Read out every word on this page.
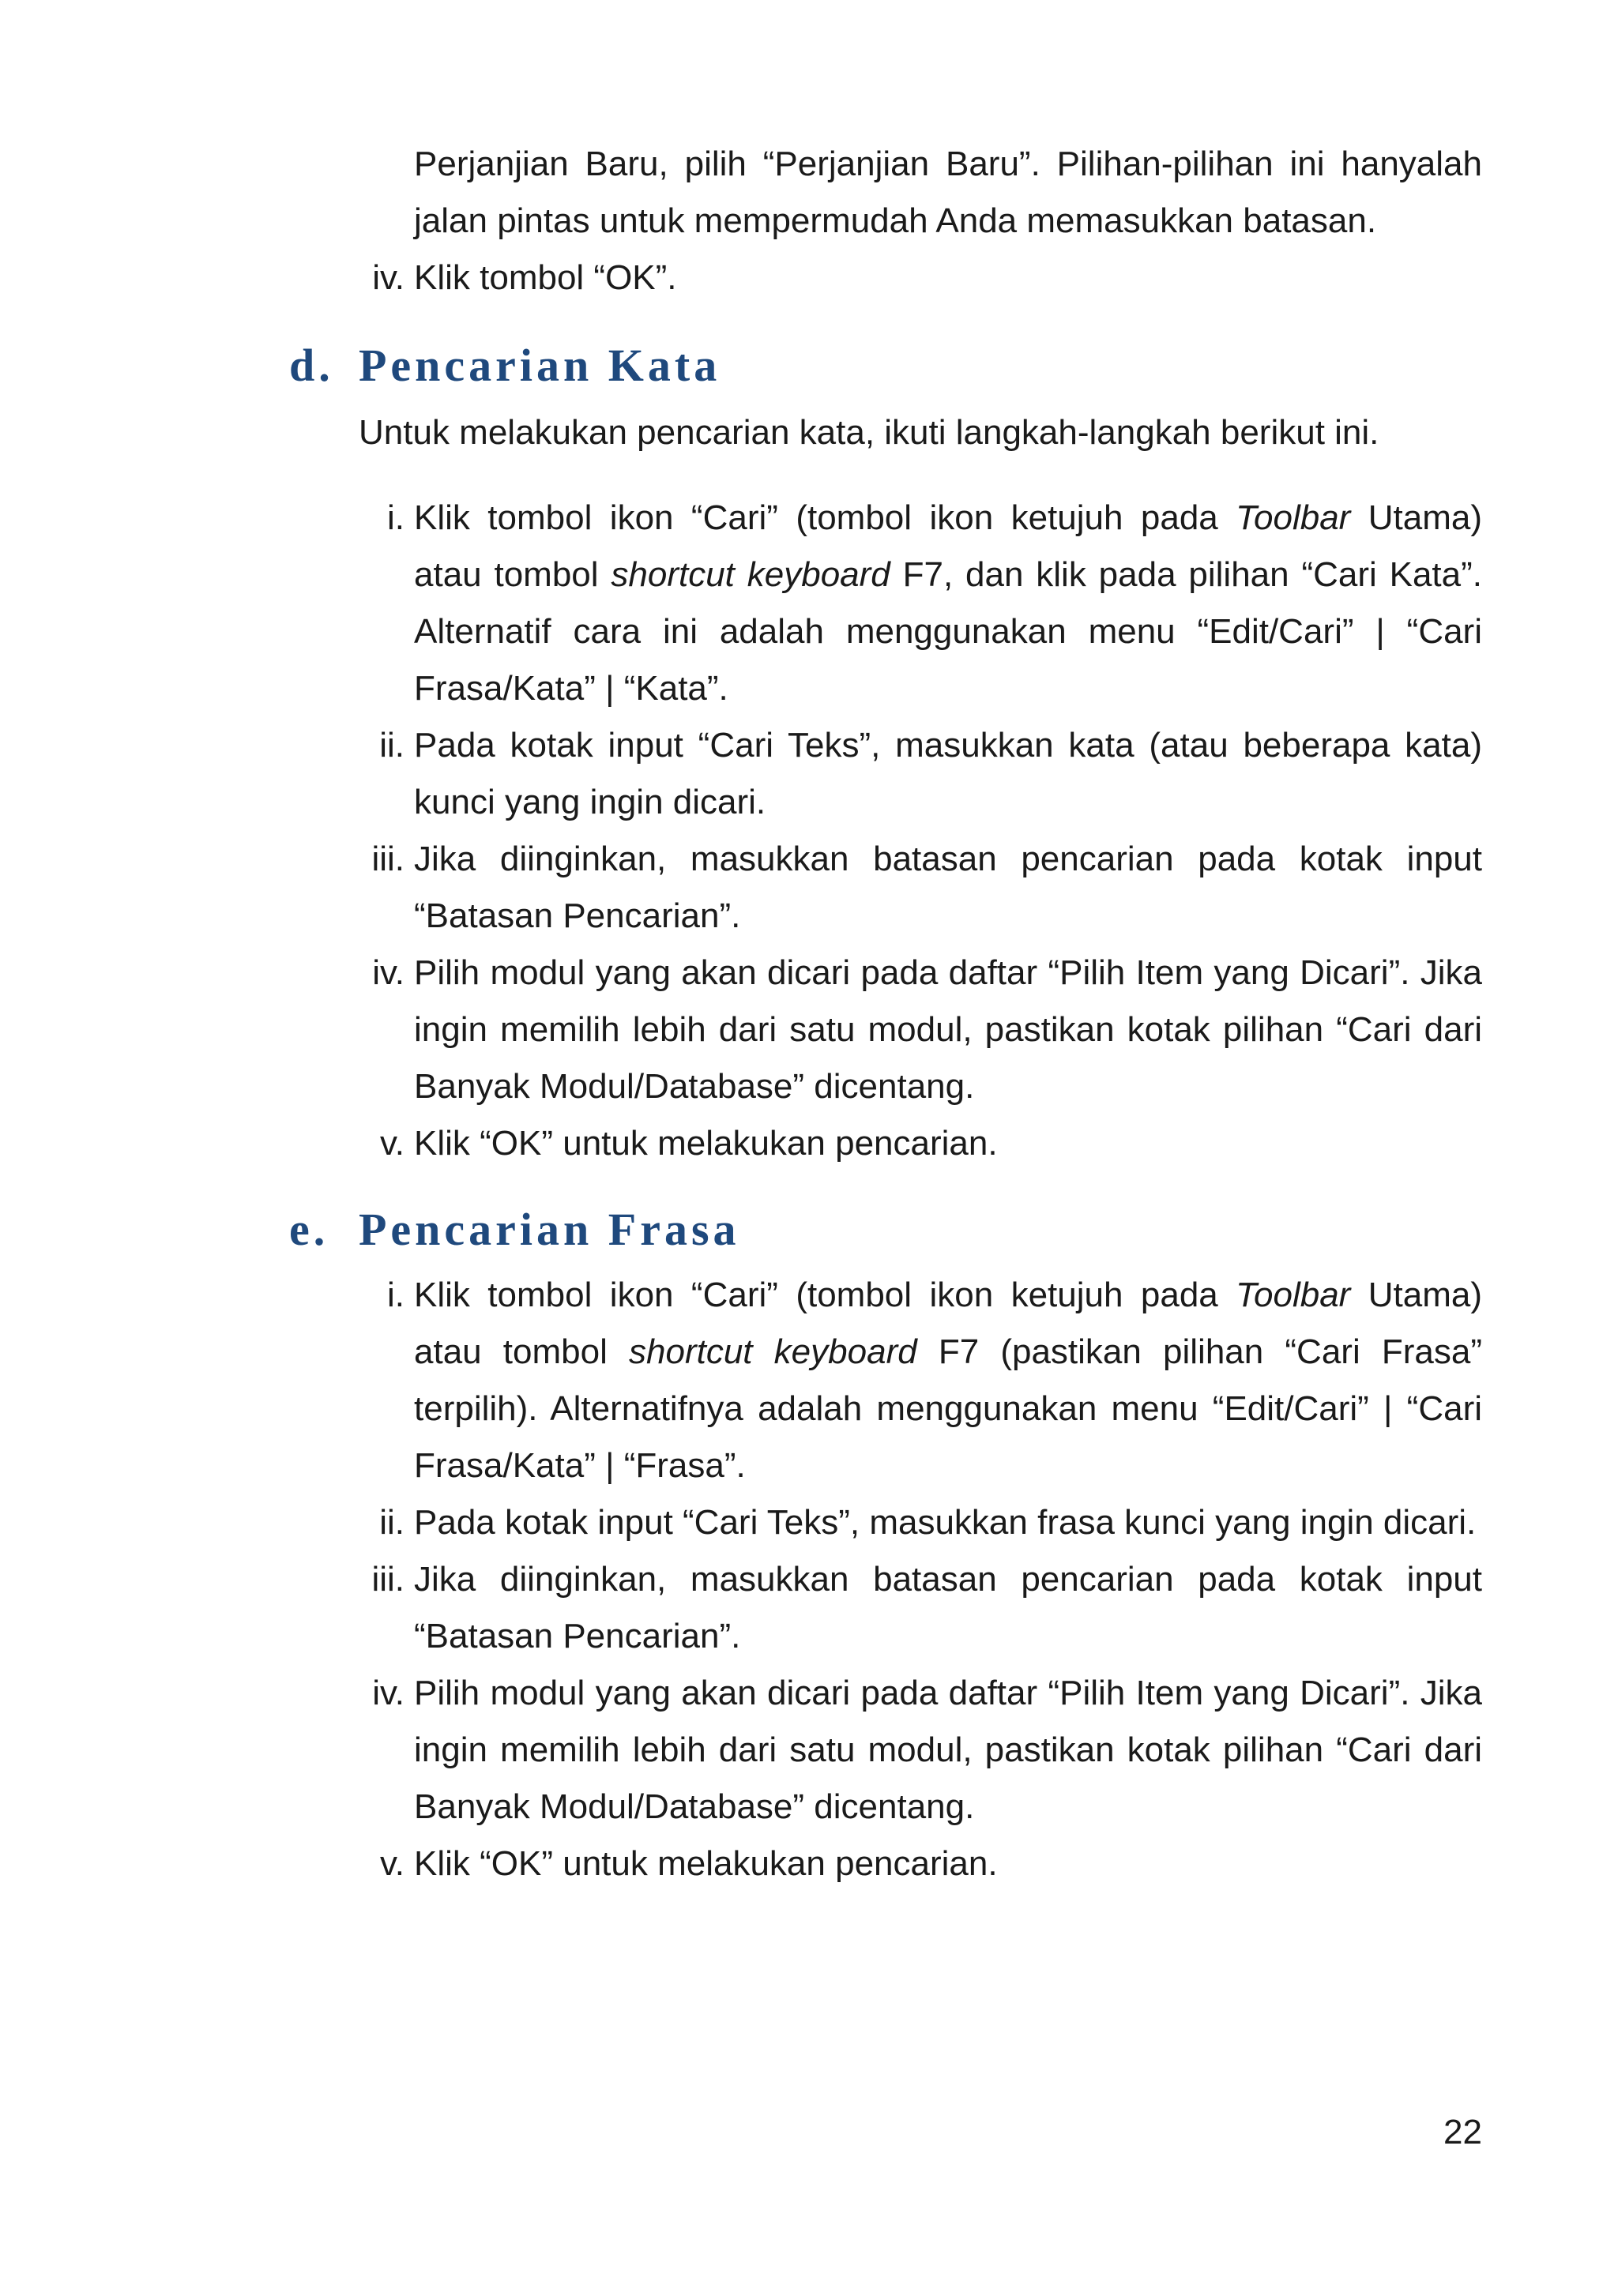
Perjanjian Baru, pilih “Perjanjian Baru”. Pilihan-pilihan ini hanyalah jalan pintas untuk mempermudah Anda memasukkan batasan.

iv. Klik tombol “OK”.

d. Pencarian Kata

Untuk melakukan pencarian kata, ikuti langkah-langkah berikut ini.

i. Klik tombol ikon “Cari” (tombol ikon ketujuh pada Toolbar Utama) atau tombol shortcut keyboard F7, dan klik pada pilihan “Cari Kata”. Alternatif cara ini adalah menggunakan menu “Edit/Cari” | “Cari Frasa/Kata” | “Kata”.

ii. Pada kotak input “Cari Teks”, masukkan kata (atau beberapa kata) kunci yang ingin dicari.

iii. Jika diinginkan, masukkan batasan pencarian pada kotak input “Batasan Pencarian”.

iv. Pilih modul yang akan dicari pada daftar “Pilih Item yang Dicari”. Jika ingin memilih lebih dari satu modul, pastikan kotak pilihan “Cari dari Banyak Modul/Database” dicentang.

v. Klik “OK” untuk melakukan pencarian.

e. Pencarian Frasa
i. Klik tombol ikon “Cari” (tombol ikon ketujuh pada Toolbar Utama) atau tombol shortcut keyboard F7 (pastikan pilihan “Cari Frasa” terpilih). Alternatifnya adalah menggunakan menu “Edit/Cari” | “Cari Frasa/Kata” | “Frasa”.

ii. Pada kotak input “Cari Teks”, masukkan frasa kunci yang ingin dicari.

iii. Jika diinginkan, masukkan batasan pencarian pada kotak input “Batasan Pencarian”.

iv. Pilih modul yang akan dicari pada daftar “Pilih Item yang Dicari”. Jika ingin memilih lebih dari satu modul, pastikan kotak pilihan “Cari dari Banyak Modul/Database” dicentang.

v. Klik “OK” untuk melakukan pencarian.

22
